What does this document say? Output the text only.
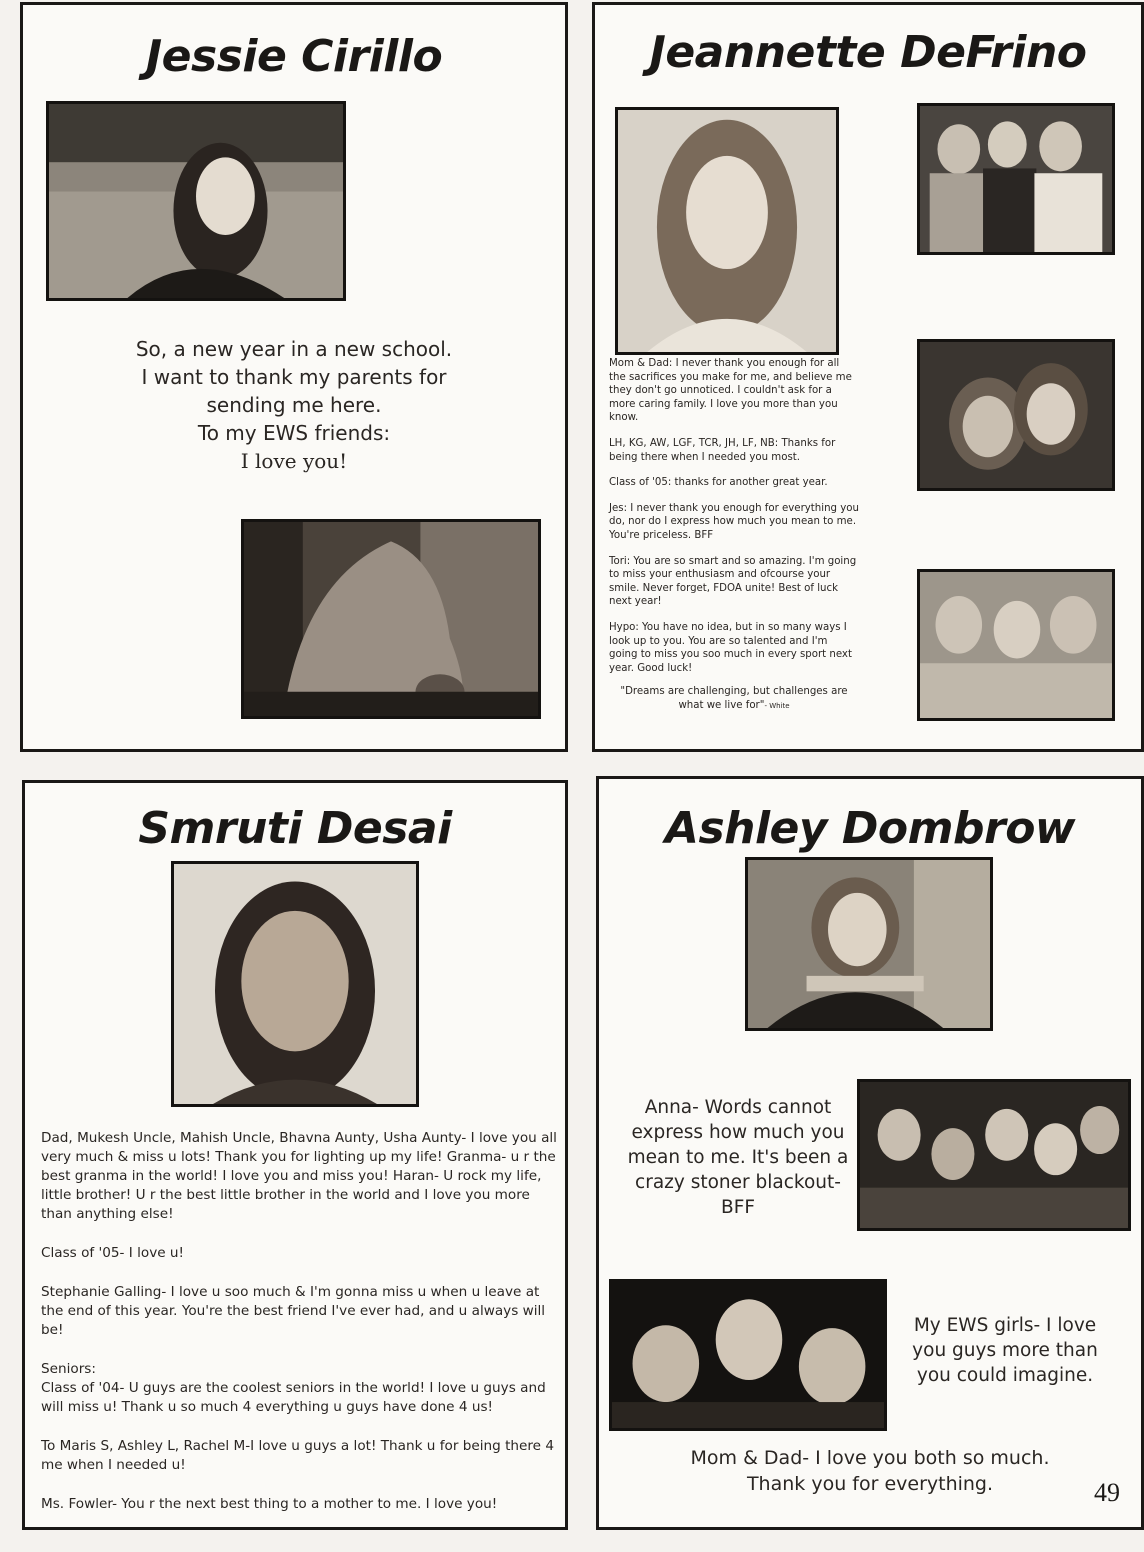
Jessie Cirillo
So, a new year in a new school.
I want to thank my parents for
sending me here.
To my EWS friends:
I love you!
Jeannette DeFrino

Mom & Dad: I never thank you enough for all the sacrifices you make for me, and believe me they don't go unnoticed. I couldn't ask for a more caring family. I love you more than you know.

LH, KG, AW, LGF, TCR, JH, LF, NB: Thanks for being there when I needed you most.

Class of '05: thanks for another great year.

Jes: I never thank you enough for everything you do, nor do I express how much you mean to me. You're priceless. BFF

Tori: You are so smart and so amazing. I'm going to miss your enthusiasm and ofcourse your smile. Never forget, FDOA unite! Best of luck next year!

Hypo: You have no idea, but in so many ways I look up to you. You are so talented and I'm going to miss you soo much in every sport next year. Good luck!

"Dreams are challenging, but challenges are what we live for"- White

Smruti Desai

Dad, Mukesh Uncle, Mahish Uncle, Bhavna Aunty, Usha Aunty- I love you all very much & miss u lots! Thank you for lighting up my life! Granma- u r the best granma in the world! I love you and miss you! Haran- U rock my life, little brother! U r the best little brother in the world and I love you more than anything else!

Class of '05- I love u!

Stephanie Galling- I love u soo much & I'm gonna miss u when u leave at the end of this year. You're the best friend I've ever had, and u always will be!

Seniors:
Class of '04- U guys are the coolest seniors in the world! I love u guys and will miss u! Thank u so much 4 everything u guys have done 4 us!

To Maris S, Ashley L, Rachel M-I love u guys a lot! Thank u for being there 4 me when I needed u!

Ms. Fowler- You r the next best thing to a mother to me. I love you!

Ashley Dombrow
Anna- Words cannot express how much you mean to me. It's been a crazy stoner blackout- BFF
My EWS girls- I love you guys more than you could imagine.
Mom & Dad- I love you both so much.
Thank you for everything.	49
